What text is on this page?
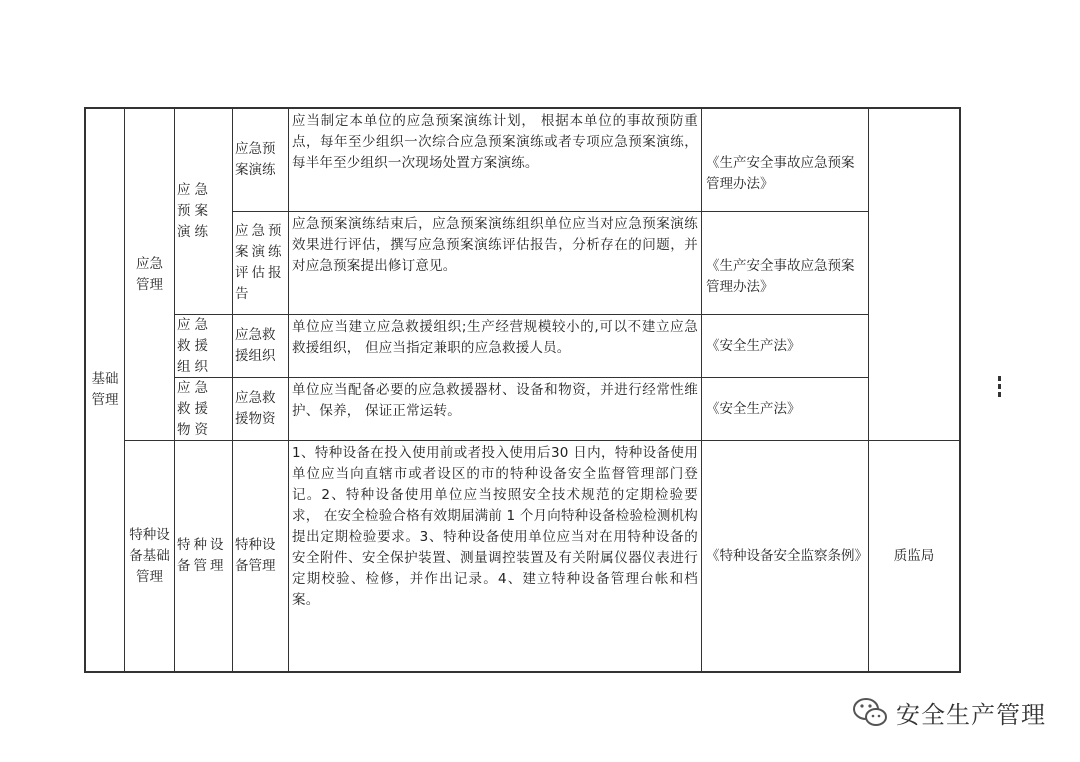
基础管理
应急管理
特种设备基础管理
应急预案演练
应急救援组织
应急救援物资
特种设备管理
应急预案演练
应急预案演练评估报告
应急救援组织
应急救援物资
特种设备管理
应当制定本单位的应急预案演练计划， 根据本单位的事故预防重点，每年至少组织一次综合应急预案演练或者专项应急预案演练，每半年至少组织一次现场处置方案演练。
应急预案演练结束后，应急预案演练组织单位应当对应急预案演练效果进行评估，撰写应急预案演练评估报告，分析存在的问题，并对应急预案提出修订意见。
单位应当建立应急救援组织;生产经营规模较小的,可以不建立应急救援组织， 但应当指定兼职的应急救援人员。
单位应当配备必要的应急救援器材、设备和物资，并进行经常性维护、保养， 保证正常运转。
1、特种设备在投入使用前或者投入使用后30 日内，特种设备使用单位应当向直辖市或者设区的市的特种设备安全监督管理部门登记。2、特种设备使用单位应当按照安全技术规范的定期检验要求， 在安全检验合格有效期届满前 1 个月向特种设备检验检测机构提出定期检验要求。3、特种设备使用单位应当对在用特种设备的安全附件、安全保护装置、测量调控装置及有关附属仪器仪表进行定期校验、检修，并作出记录。4、建立特种设备管理台帐和档案。
《生产安全事故应急预案管理办法》
《生产安全事故应急预案管理办法》
《安全生产法》
《安全生产法》
《特种设备安全监察条例》	质监局
安全生产管理
